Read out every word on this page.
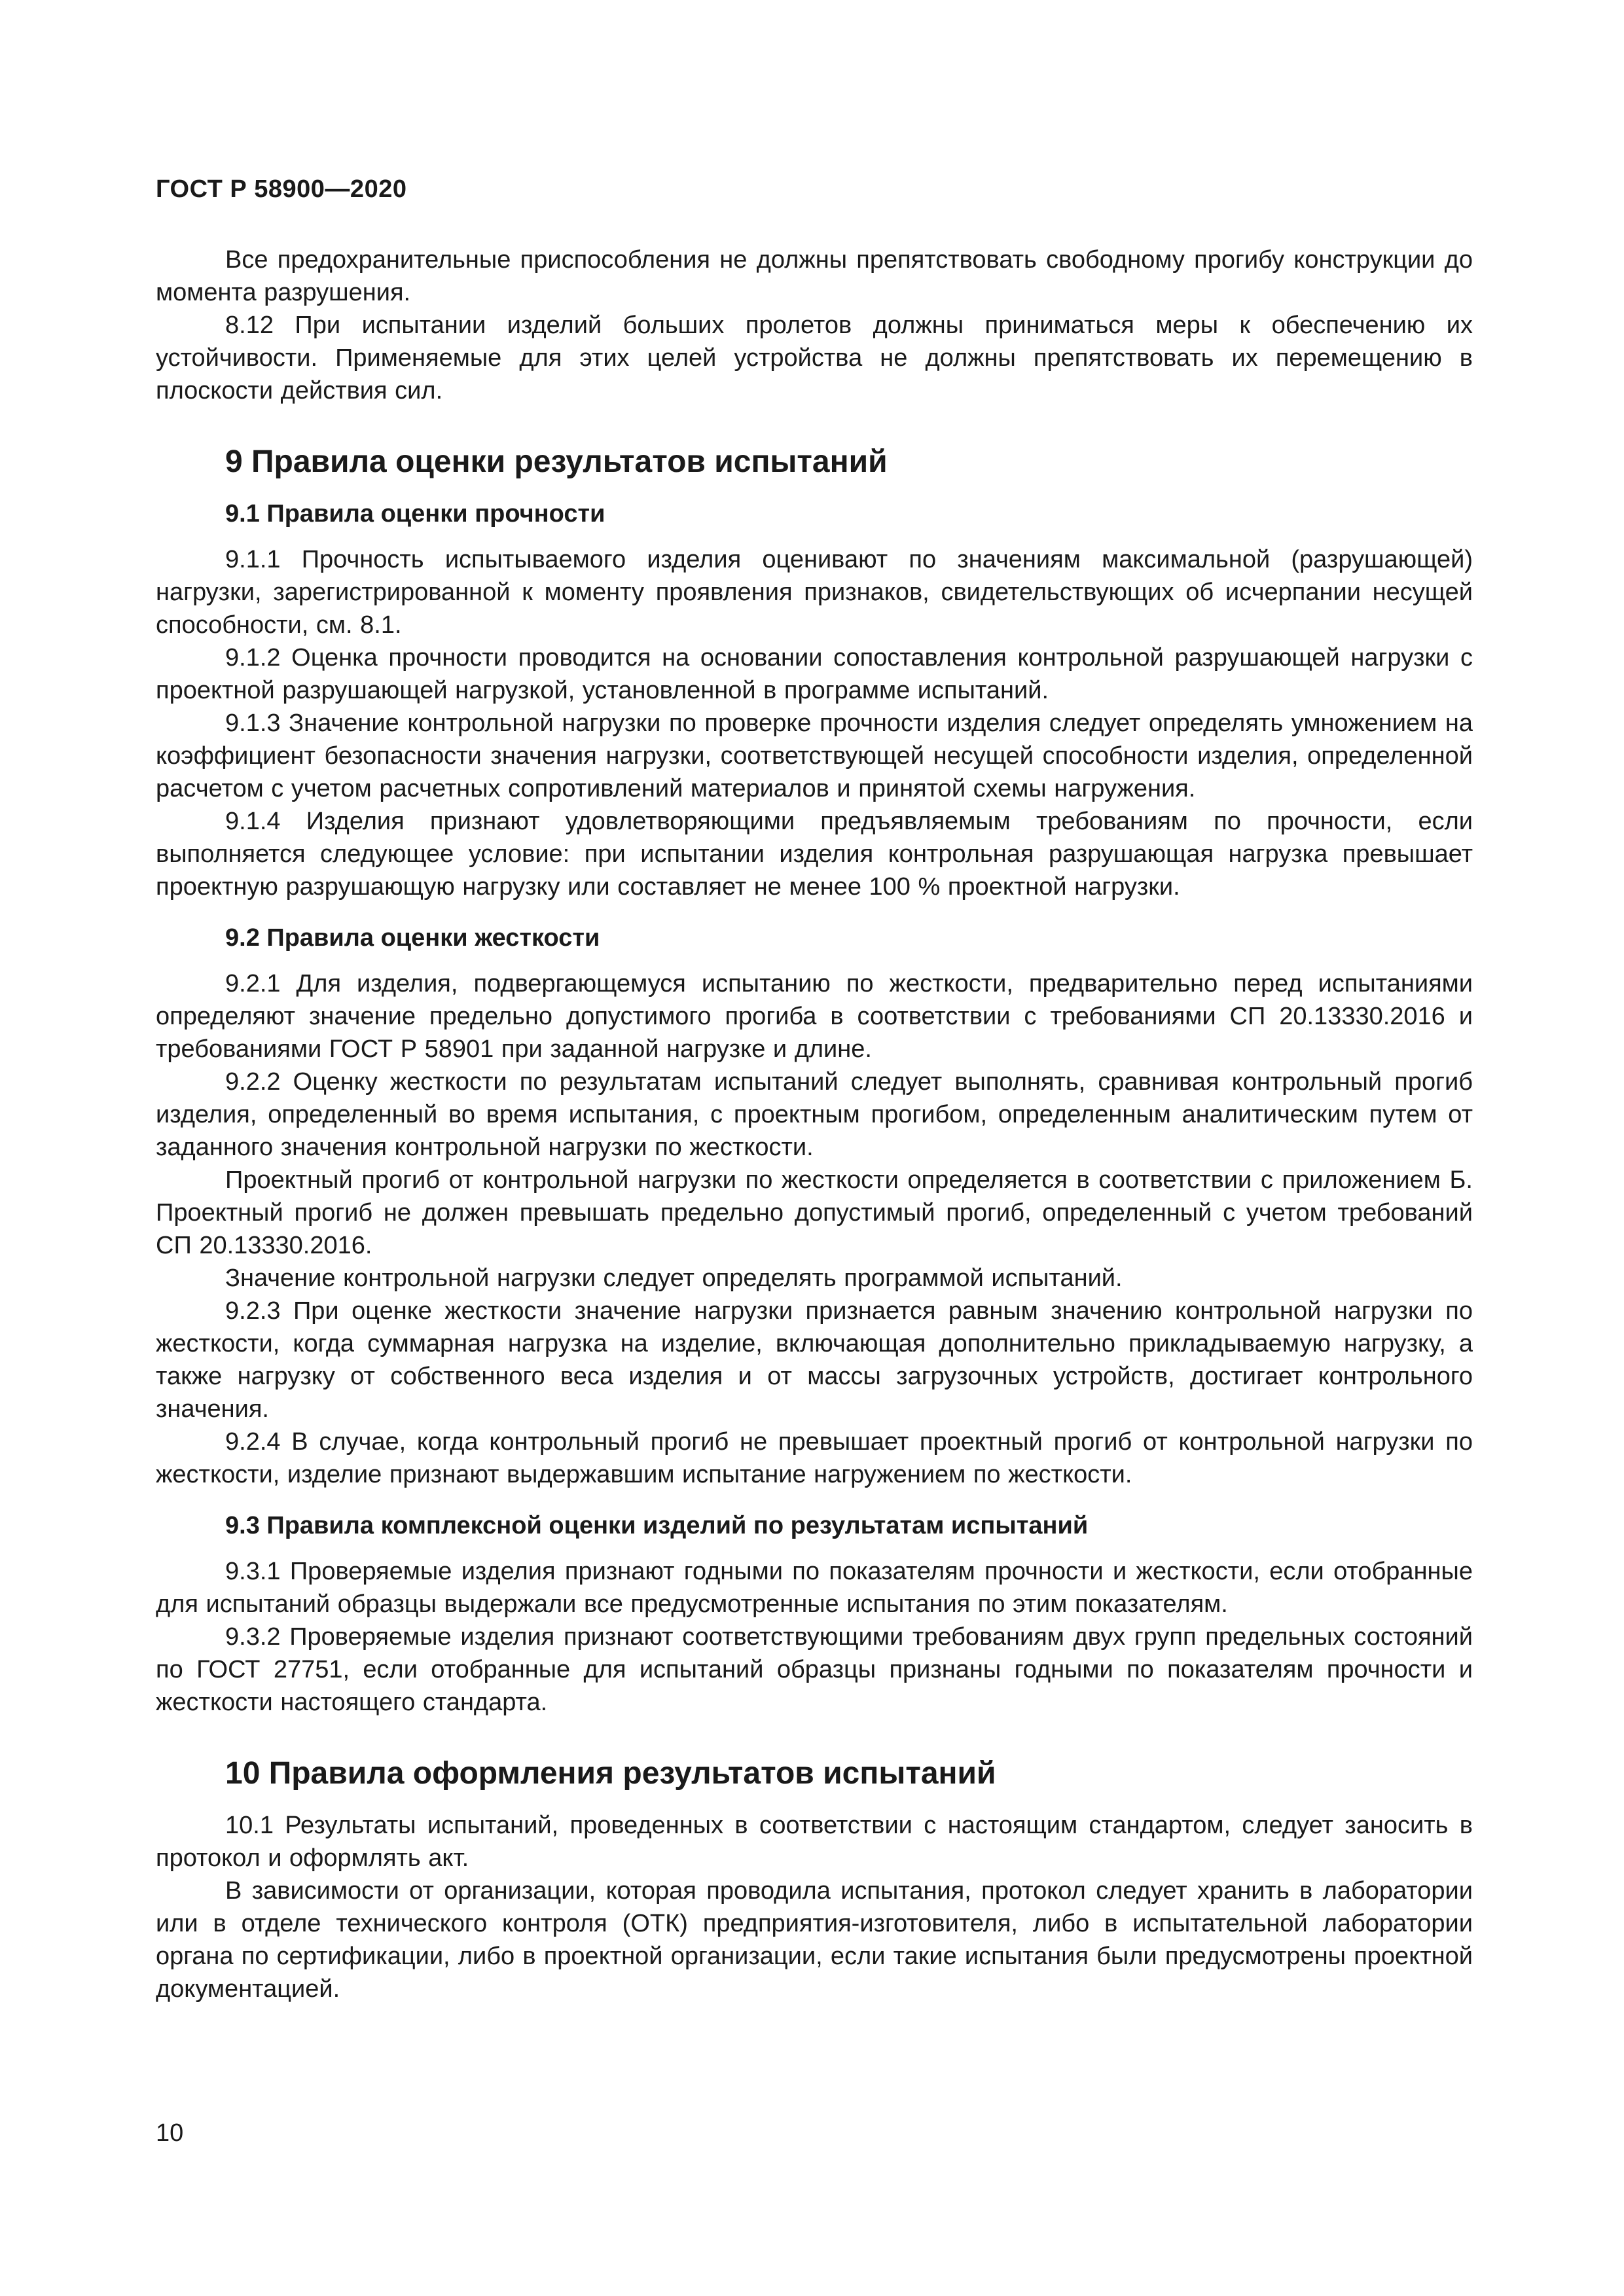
ГОСТ Р 58900—2020

Все предохранительные приспособления не должны препятствовать свободному прогибу конструкции до момента разрушения.

8.12 При испытании изделий больших пролетов должны приниматься меры к обеспечению их устойчивости. Применяемые для этих целей устройства не должны препятствовать их перемещению в плоскости действия сил.

9 Правила оценки результатов испытаний
9.1 Правила оценки прочности

9.1.1 Прочность испытываемого изделия оценивают по значениям максимальной (разрушающей) нагрузки, зарегистрированной к моменту проявления признаков, свидетельствующих об исчерпании несущей способности, см. 8.1.

9.1.2 Оценка прочности проводится на основании сопоставления контрольной разрушающей нагрузки с проектной разрушающей нагрузкой, установленной в программе испытаний.

9.1.3 Значение контрольной нагрузки по проверке прочности изделия следует определять умножением на коэффициент безопасности значения нагрузки, соответствующей несущей способности изделия, определенной расчетом с учетом расчетных сопротивлений материалов и принятой схемы нагружения.

9.1.4 Изделия признают удовлетворяющими предъявляемым требованиям по прочности, если выполняется следующее условие: при испытании изделия контрольная разрушающая нагрузка превышает проектную разрушающую нагрузку или составляет не менее 100 % проектной нагрузки.

9.2 Правила оценки жесткости

9.2.1 Для изделия, подвергающемуся испытанию по жесткости, предварительно перед испытаниями определяют значение предельно допустимого прогиба в соответствии с требованиями СП 20.13330.2016 и требованиями ГОСТ Р 58901 при заданной нагрузке и длине.

9.2.2 Оценку жесткости по результатам испытаний следует выполнять, сравнивая контрольный прогиб изделия, определенный во время испытания, с проектным прогибом, определенным аналитическим путем от заданного значения контрольной нагрузки по жесткости.

Проектный прогиб от контрольной нагрузки по жесткости определяется в соответствии с приложением Б. Проектный прогиб не должен превышать предельно допустимый прогиб, определенный с учетом требований СП 20.13330.2016.

Значение контрольной нагрузки следует определять программой испытаний.

9.2.3 При оценке жесткости значение нагрузки признается равным значению контрольной нагрузки по жесткости, когда суммарная нагрузка на изделие, включающая дополнительно прикладываемую нагрузку, а также нагрузку от собственного веса изделия и от массы загрузочных устройств, достигает контрольного значения.

9.2.4 В случае, когда контрольный прогиб не превышает проектный прогиб от контрольной нагрузки по жесткости, изделие признают выдержавшим испытание нагружением по жесткости.

9.3 Правила комплексной оценки изделий по результатам испытаний

9.3.1 Проверяемые изделия признают годными по показателям прочности и жесткости, если отобранные для испытаний образцы выдержали все предусмотренные испытания по этим показателям.

9.3.2 Проверяемые изделия признают соответствующими требованиям двух групп предельных состояний по ГОСТ 27751, если отобранные для испытаний образцы признаны годными по показателям прочности и жесткости настоящего стандарта.

10 Правила оформления результатов испытаний

10.1 Результаты испытаний, проведенных в соответствии с настоящим стандартом, следует заносить в протокол и оформлять акт.

В зависимости от организации, которая проводила испытания, протокол следует хранить в лаборатории или в отделе технического контроля (ОТК) предприятия-изготовителя, либо в испытательной лаборатории органа по сертификации, либо в проектной организации, если такие испытания были предусмотрены проектной документацией.

10
